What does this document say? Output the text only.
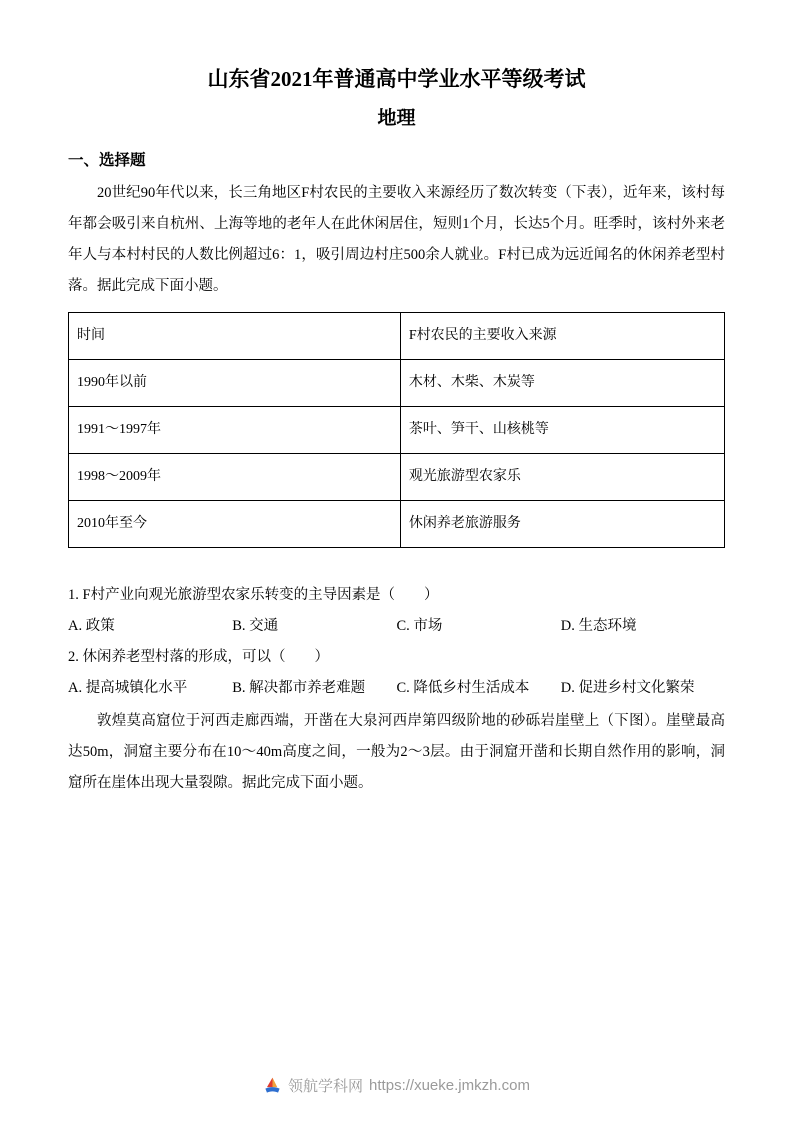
山东省2021年普通高中学业水平等级考试
地理
一、选择题

20世纪90年代以来，长三角地区F村农民的主要收入来源经历了数次转变（下表），近年来，该村每年都会吸引来自杭州、上海等地的老年人在此休闲居住，短则1个月，长达5个月。旺季时，该村外来老年人与本村村民的人数比例超过6：1，吸引周边村庄500余人就业。F村已成为远近闻名的休闲养老型村落。据此完成下面小题。

时间	F村农民的主要收入来源
1990年以前	木材、木柴、木炭等
1991～1997年	茶叶、笋干、山核桃等
1998～2009年	观光旅游型农家乐
2010年至今	休闲养老旅游服务

1. F村产业向观光旅游型农家乐转变的主导因素是（　　）

A. 政策	B. 交通	C. 市场	D. 生态环境

2. 休闲养老型村落的形成，可以（　　）

A. 提高城镇化水平	B. 解决都市养老难题	C. 降低乡村生活成本	D. 促进乡村文化繁荣

敦煌莫高窟位于河西走廊西端，开凿在大泉河西岸第四级阶地的砂砾岩崖壁上（下图）。崖壁最高达50m，洞窟主要分布在10～40m高度之间，一般为2～3层。由于洞窟开凿和长期自然作用的影响，洞窟所在崖体出现大量裂隙。据此完成下面小题。

领航学科网 https://xueke.jmkzh.com
